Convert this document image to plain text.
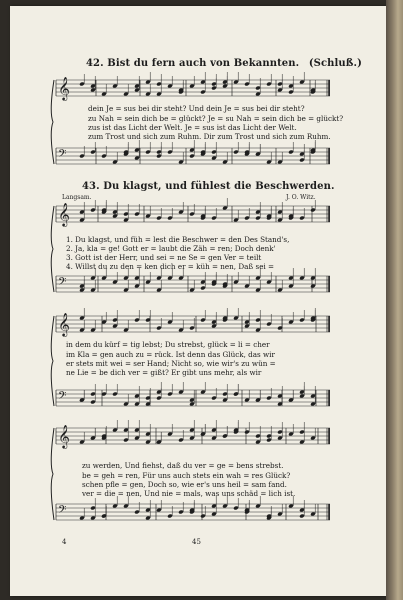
𝄞
𝄢
𝄞
𝄢
𝄞
𝄢
𝄞
𝄢
42. Bist du fern auch von Bekannten. (Schluß.)
dein Je = sus bei dir steht? Und dein Je = sus bei dir steht?
zu Nah = sein dich be = glückt? Je = su Nah = sein dich be = glückt?
zus ist das Licht der Welt. Je = sus ist das Licht der Welt.
zum Trost und sich zum Ruhm. Dir zum Trost und sich zum Ruhm.
43. Du klagst, und fühlest die Beschwerden.
Langsam.	J. O. Witz.
1. Du klagst, und füh = lest die Beschwer = den Des Stand's,
2. Ja, kla = ge! Gott er = laubt die Zäh = ren; Doch denk'
3. Gott ist der Herr, und sei = ne Se = gen Ver = teilt
4. Willst du zu den = ken dich er = küh = nen, Daß sei =
in dem du kürf = tig lebst; Du strebst, glück = li = cher
im Kla = gen auch zu = rück. Ist denn das Glück, das wir
er stets mit wei = ser Hand; Nicht so, wie wir's zu wün =
ne Lie = be dich ver = gißt? Er gibt uns mehr, als wir
zu werden, Und fiehst, daß du ver = ge = bens strebst.
be = geh = ren, Für uns auch stets ein wah = res Glück?
schen pfle = gen, Doch so, wie er's uns heil = sam fand.
ver = die = nen, Und nie = mals, was uns schäd = lich ist.
4	45
